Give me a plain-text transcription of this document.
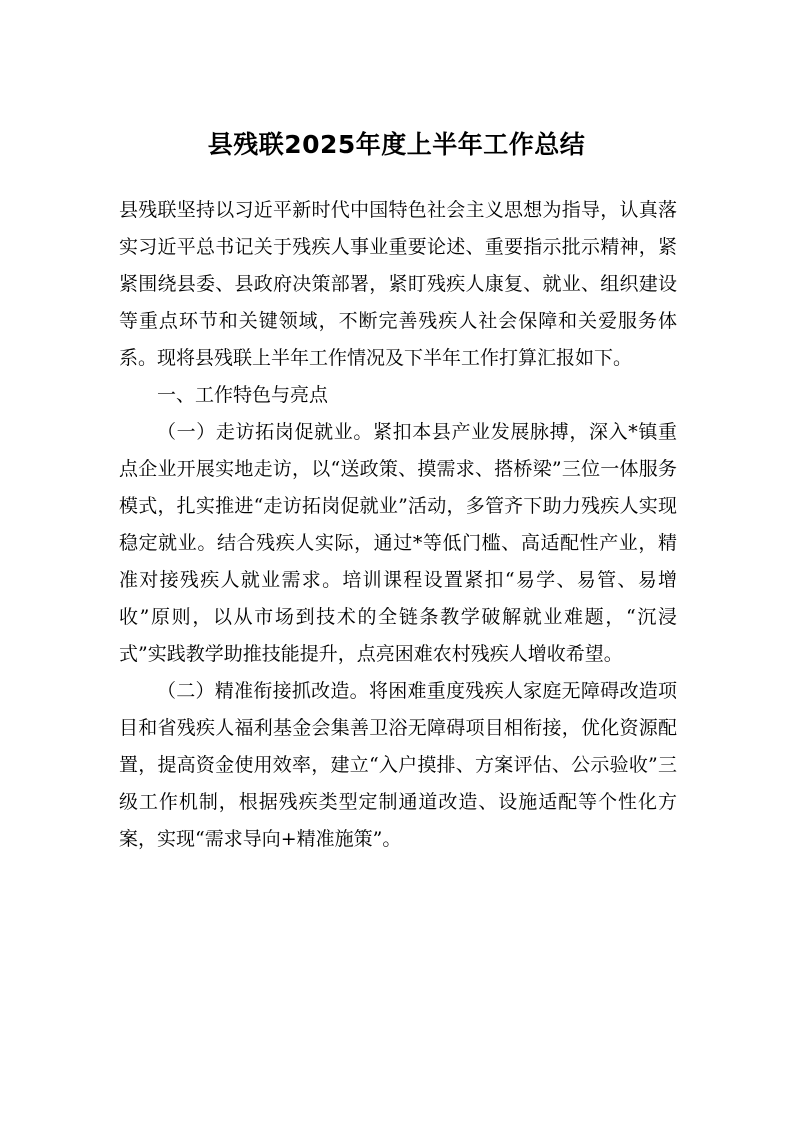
县残联2025年度上半年工作总结

县残联坚持以习近平新时代中国特色社会主义思想为指导，认真落实习近平总书记关于残疾人事业重要论述、重要指示批示精神，紧紧围绕县委、县政府决策部署，紧盯残疾人康复、就业、组织建设等重点环节和关键领域，不断完善残疾人社会保障和关爱服务体系。现将县残联上半年工作情况及下半年工作打算汇报如下。

一、工作特色与亮点

（一）走访拓岗促就业。紧扣本县产业发展脉搏，深入*镇重点企业开展实地走访，以“送政策、摸需求、搭桥梁”三位一体服务模式，扎实推进“走访拓岗促就业”活动，多管齐下助力残疾人实现稳定就业。结合残疾人实际，通过*等低门槛、高适配性产业，精准对接残疾人就业需求。培训课程设置紧扣“易学、易管、易增收”原则，以从市场到技术的全链条教学破解就业难题，“沉浸式”实践教学助推技能提升，点亮困难农村残疾人增收希望。

（二）精准衔接抓改造。将困难重度残疾人家庭无障碍改造项目和省残疾人福利基金会集善卫浴无障碍项目相衔接，优化资源配置，提高资金使用效率，建立“入户摸排、方案评估、公示验收”三级工作机制，根据残疾类型定制通道改造、设施适配等个性化方案，实现“需求导向+精准施策”。
